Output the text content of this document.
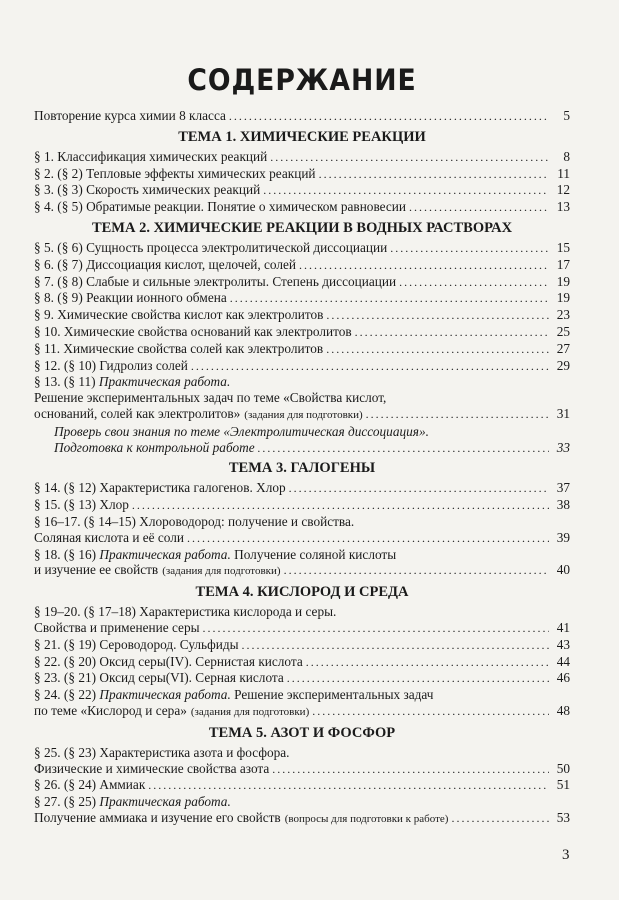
СОДЕРЖАНИЕ
Повторение курса химии 8 класса . . .	5
ТЕМА 1. ХИМИЧЕСКИЕ РЕАКЦИИ
§ 1. Классификация химических реакций . . .	8
§ 2. (§ 2) Тепловые эффекты химических реакций . . .	11
§ 3. (§ 3) Скорость химических реакций . . .	12
§ 4. (§ 5) Обратимые реакции. Понятие о химическом равновесии . . .	13
ТЕМА 2. ХИМИЧЕСКИЕ РЕАКЦИИ В ВОДНЫХ РАСТВОРАХ
§ 5. (§ 6) Сущность процесса электролитической диссоциации . . .	15
§ 6. (§ 7) Диссоциация кислот, щелочей, солей . . .	17
§ 7. (§ 8) Слабые и сильные электролиты. Степень диссоциации . . .	19
§ 8. (§ 9) Реакции ионного обмена . . .	19
§ 9. Химические свойства кислот как электролитов . . .	23
§ 10. Химические свойства оснований как электролитов . . .	25
§ 11. Химические свойства солей как электролитов . . .	27
§ 12. (§ 10) Гидролиз солей . . .	29
§ 13. (§ 11) Практическая работа.
Решение экспериментальных задач по теме «Свойства кислот,
оснований, солей как электролитов» (задания для подготовки) . . .	31
Проверь свои знания по теме «Электролитическая диссоциация».
Подготовка к контрольной работе . . .	33
ТЕМА 3. ГАЛОГЕНЫ
§ 14. (§ 12) Характеристика галогенов. Хлор . . .	37
§ 15. (§ 13) Хлор . . .	38
§ 16–17. (§ 14–15) Хлороводород: получение и свойства.
Соляная кислота и её соли . . .	39
§ 18. (§ 16) Практическая работа. Получение соляной кислоты
и изучение ее свойств (задания для подготовки) . . .	40
ТЕМА 4. КИСЛОРОД И СРЕДА
§ 19–20. (§ 17–18) Характеристика кислорода и серы.
Свойства и применение серы . . .	41
§ 21. (§ 19) Сероводород. Сульфиды . . .	43
§ 22. (§ 20) Оксид серы(IV). Сернистая кислота . . .	44
§ 23. (§ 21) Оксид серы(VI). Серная кислота . . .	46
§ 24. (§ 22) Практическая работа. Решение экспериментальных задач
по теме «Кислород и сера» (задания для подготовки) . . .	48
ТЕМА 5. АЗОТ И ФОСФОР
§ 25. (§ 23) Характеристика азота и фосфора.
Физические и химические свойства азота . . .	50
§ 26. (§ 24) Аммиак . . .	51
§ 27. (§ 25) Практическая работа.
Получение аммиака и изучение его свойств (вопросы для подготовки к работе) . . .	53
3
